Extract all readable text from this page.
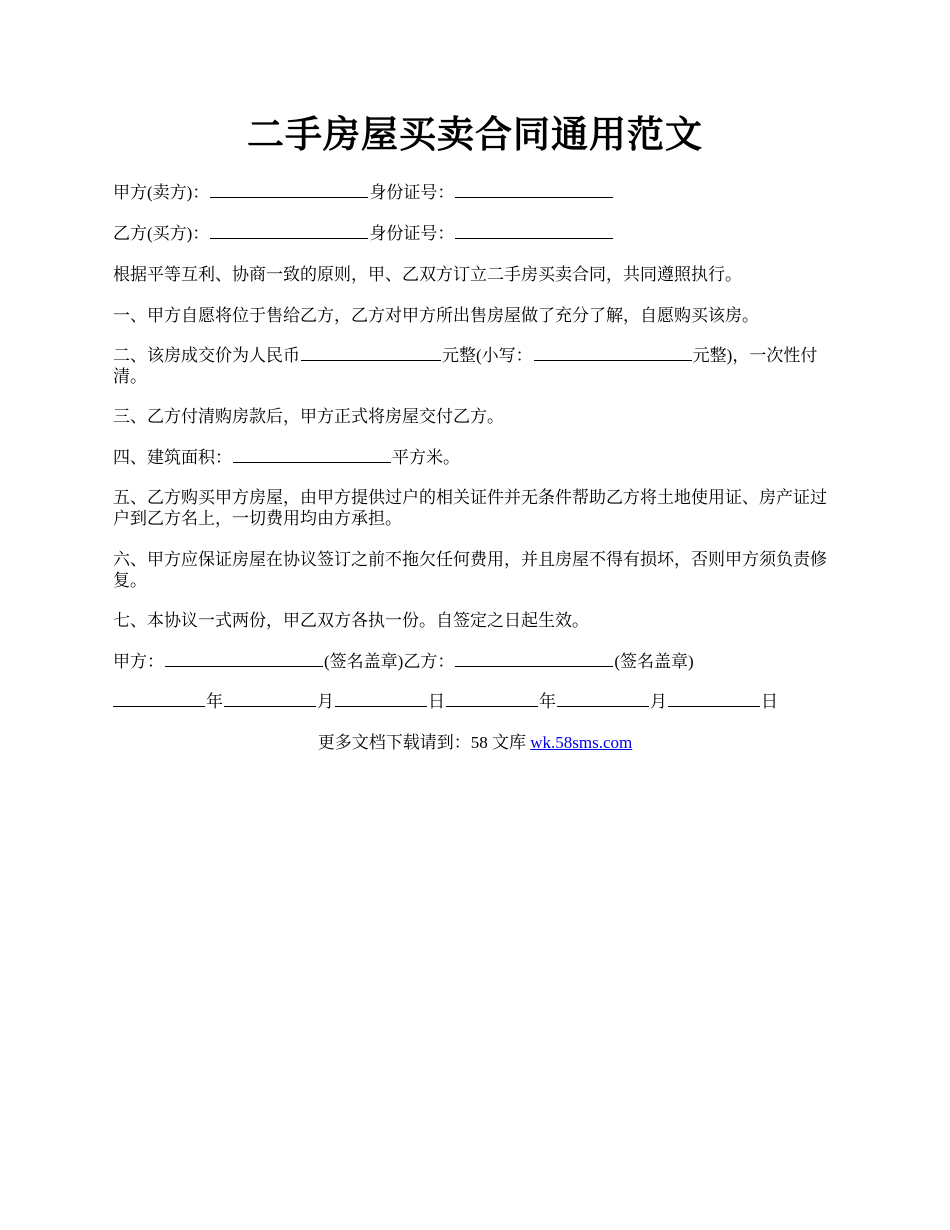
二手房屋买卖合同通用范文
甲方(卖方)：	身份证号：
乙方(买方)：	身份证号：
根据平等互利、协商一致的原则，甲、乙双方订立二手房买卖合同，共同遵照执行。
一、甲方自愿将位于售给乙方，乙方对甲方所出售房屋做了充分了解，自愿购买该房。
二、该房成交价为人民币	元整(小写：	元整)，一次性付清。
三、乙方付清购房款后，甲方正式将房屋交付乙方。
四、建筑面积：	平方米。
五、乙方购买甲方房屋，由甲方提供过户的相关证件并无条件帮助乙方将土地使用证、房产证过户到乙方名上，一切费用均由方承担。
六、甲方应保证房屋在协议签订之前不拖欠任何费用，并且房屋不得有损坏，否则甲方须负责修复。
七、本协议一式两份，甲乙双方各执一份。自签定之日起生效。
甲方：	(签名盖章)乙方：	(签名盖章)
年	月	日	年	月	日
更多文档下载请到：58 文库 wk.58sms.com
